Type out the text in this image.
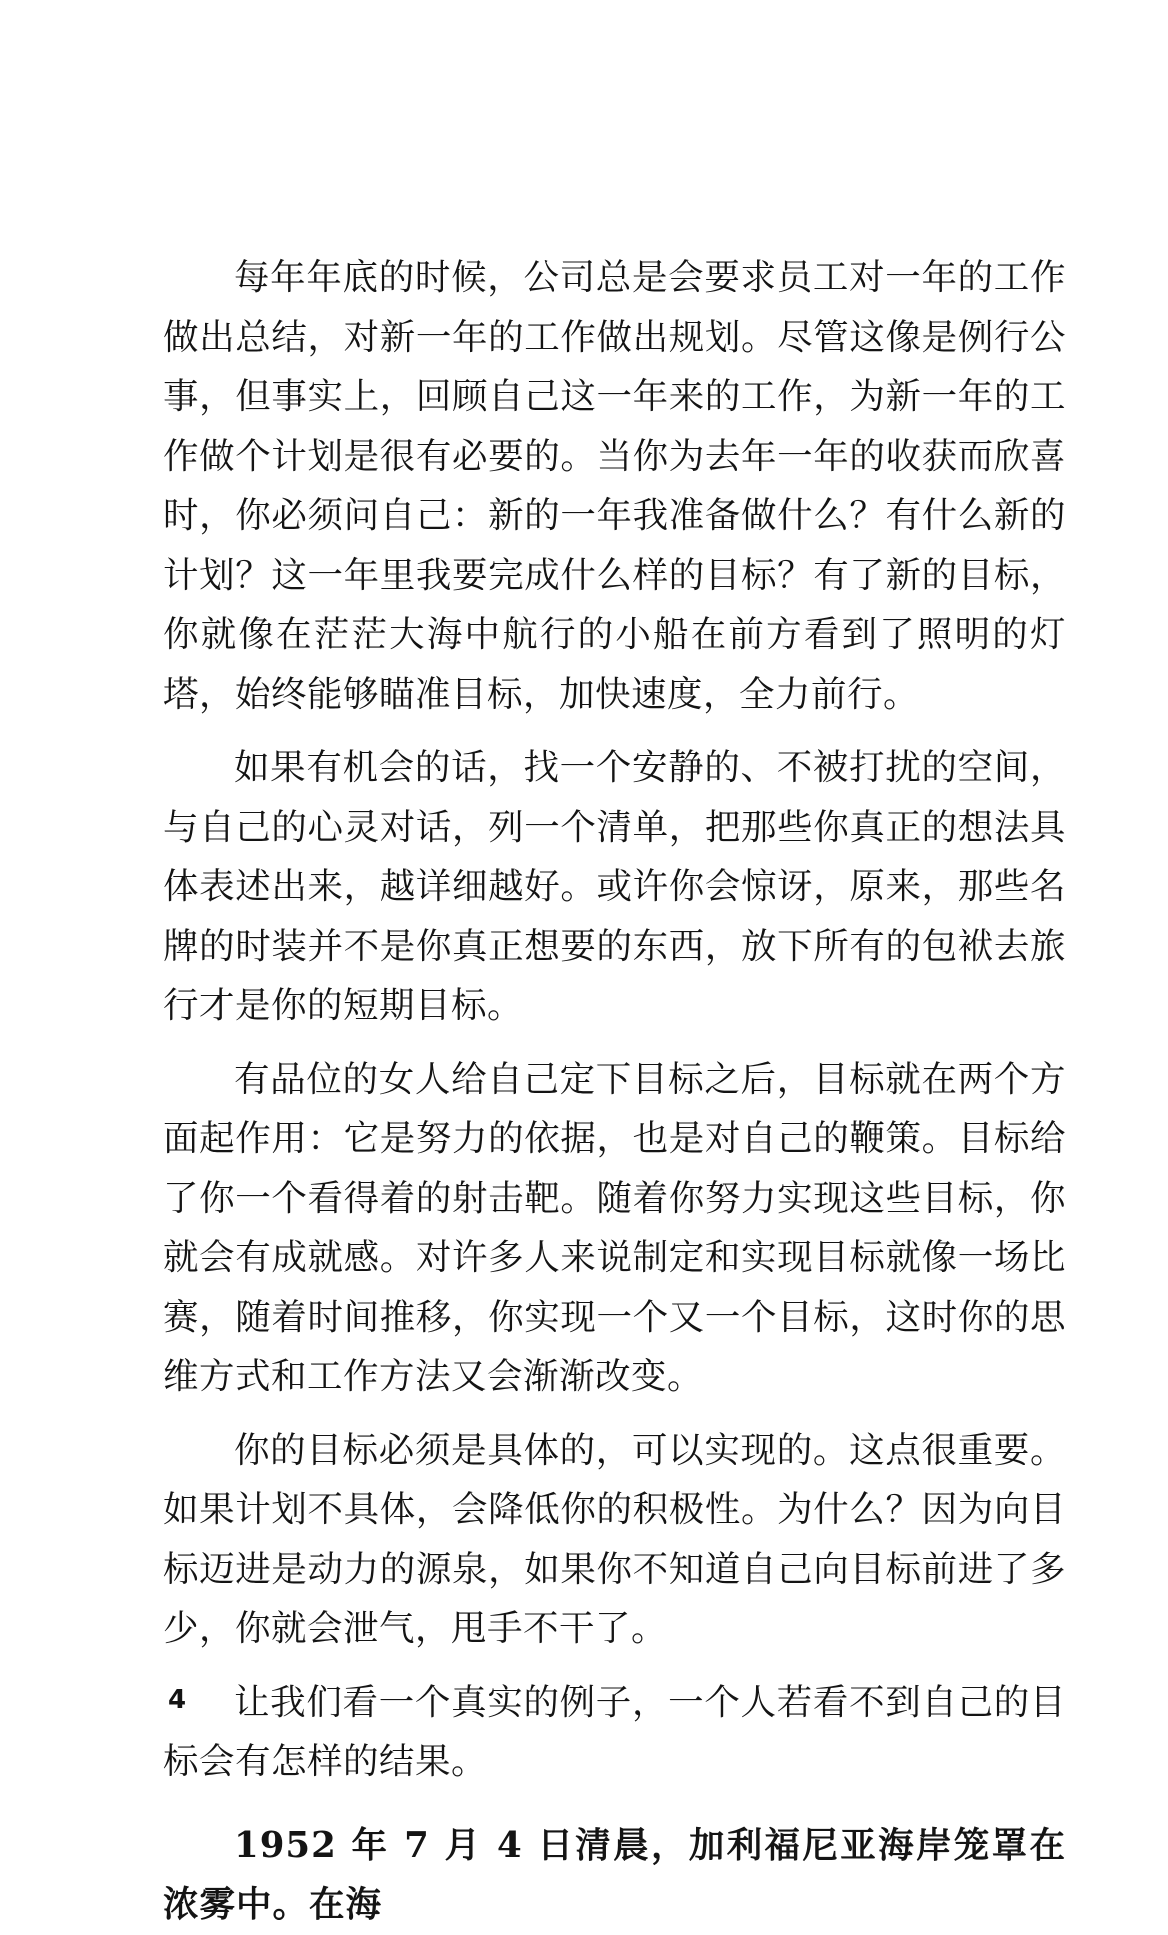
每年年底的时候，公司总是会要求员工对一年的工作做出总结，对新一年的工作做出规划。尽管这像是例行公事，但事实上，回顾自己这一年来的工作，为新一年的工作做个计划是很有必要的。当你为去年一年的收获而欣喜时，你必须问自己：新的一年我准备做什么？有什么新的计划？这一年里我要完成什么样的目标？有了新的目标，你就像在茫茫大海中航行的小船在前方看到了照明的灯塔，始终能够瞄准目标，加快速度，全力前行。

如果有机会的话，找一个安静的、不被打扰的空间，与自己的心灵对话，列一个清单，把那些你真正的想法具体表述出来，越详细越好。或许你会惊讶，原来，那些名牌的时装并不是你真正想要的东西，放下所有的包袱去旅行才是你的短期目标。

有品位的女人给自己定下目标之后，目标就在两个方面起作用：它是努力的依据，也是对自己的鞭策。目标给了你一个看得着的射击靶。随着你努力实现这些目标，你就会有成就感。对许多人来说制定和实现目标就像一场比赛，随着时间推移，你实现一个又一个目标，这时你的思维方式和工作方法又会渐渐改变。

你的目标必须是具体的，可以实现的。这点很重要。如果计划不具体，会降低你的积极性。为什么？因为向目标迈进是动力的源泉，如果你不知道自己向目标前进了多少，你就会泄气，甩手不干了。

让我们看一个真实的例子，一个人若看不到自己的目标会有怎样的结果。

1952 年 7 月 4 日清晨，加利福尼亚海岸笼罩在浓雾中。在海

4
